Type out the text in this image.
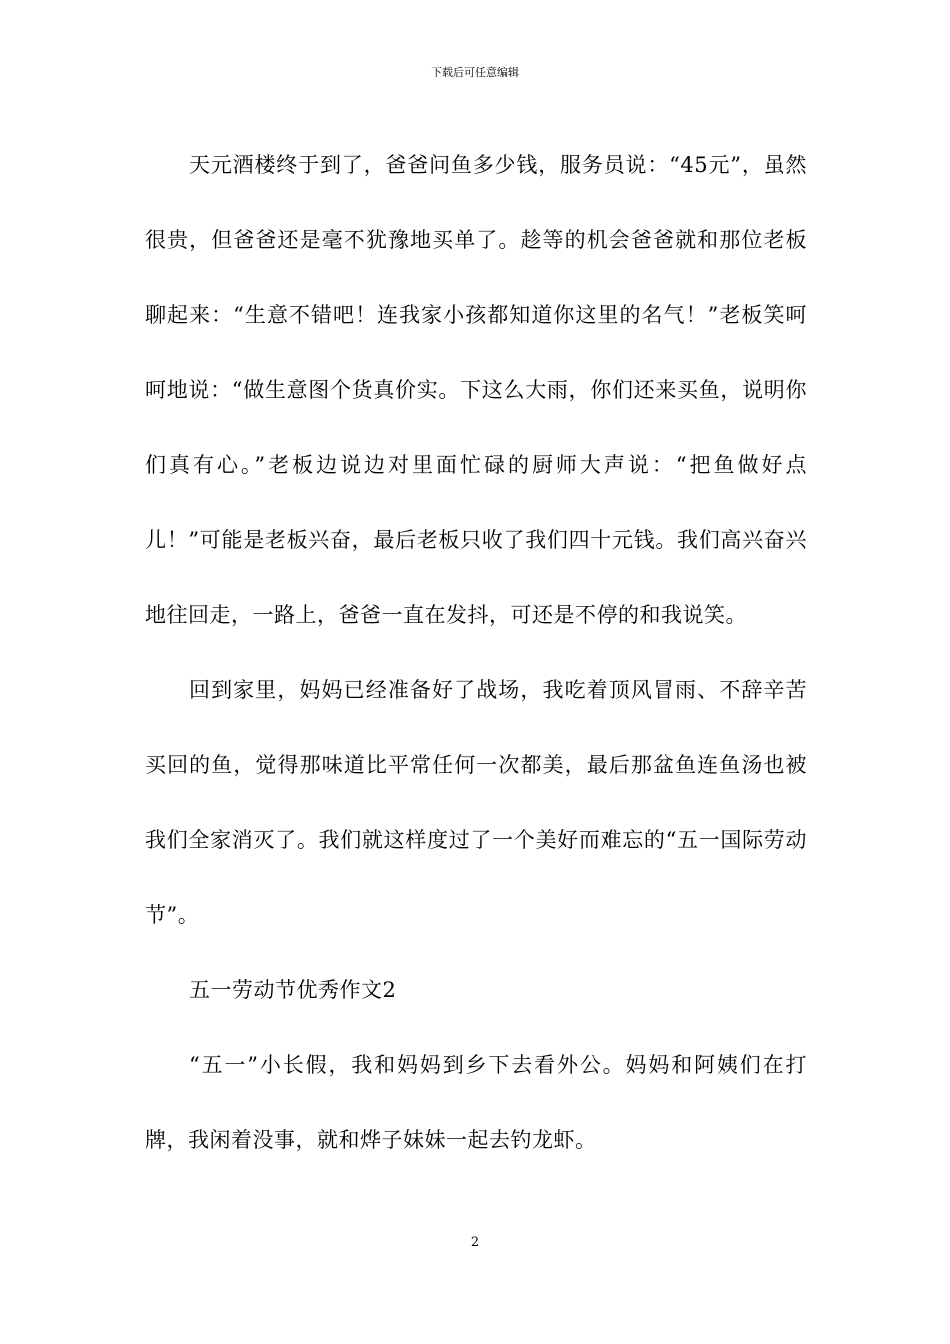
下载后可任意编辑

天元酒楼终于到了，爸爸问鱼多少钱，服务员说：“45元”，虽然很贵，但爸爸还是毫不犹豫地买单了。趁等的机会爸爸就和那位老板聊起来：“生意不错吧！连我家小孩都知道你这里的名气！”老板笑呵呵地说：“做生意图个货真价实。下这么大雨，你们还来买鱼，说明你们真有心。”老板边说边对里面忙碌的厨师大声说：“把鱼做好点儿！”可能是老板兴奋，最后老板只收了我们四十元钱。我们高兴奋兴地往回走，一路上，爸爸一直在发抖，可还是不停的和我说笑。

回到家里，妈妈已经准备好了战场，我吃着顶风冒雨、不辞辛苦买回的鱼，觉得那味道比平常任何一次都美，最后那盆鱼连鱼汤也被我们全家消灭了。我们就这样度过了一个美好而难忘的“五一国际劳动节”。

五一劳动节优秀作文2

“五一”小长假，我和妈妈到乡下去看外公。妈妈和阿姨们在打牌，我闲着没事，就和烨子妹妹一起去钓龙虾。

2
